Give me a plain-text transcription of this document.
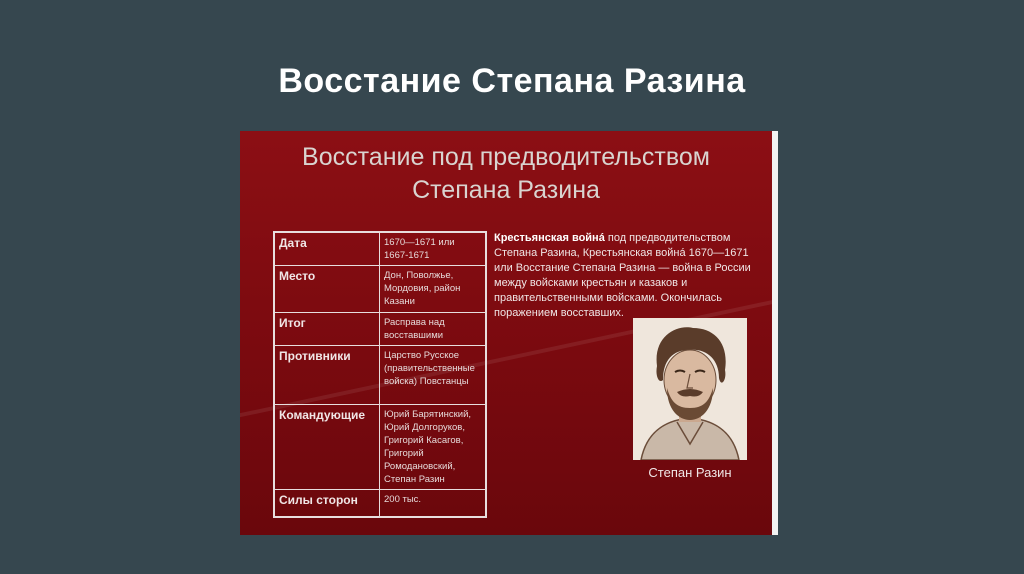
Восстание Степана Разина
Восстание под предводительством
Степана Разина
Дата	1670—1671 или 1667-1671
Место	Дон, Поволжье, Мордовия, район Казани
Итог	Расправа над восставшими
Противники	Царство Русское (правительственные войска) Повстанцы
Командующие	Юрий Барятинский, Юрий Долгоруков, Григорий Касагов, Григорий Ромодановский, Степан Разин
Силы сторон	200 тыс.
Крестьянская войнá под предводительством Степана Разина, Крестьянская войнá 1670—1671 или Восстание Степана Разина — война в России между войсками крестьян и казаков и правительственными войсками. Окончилась поражением восставших.
Степан Разин
